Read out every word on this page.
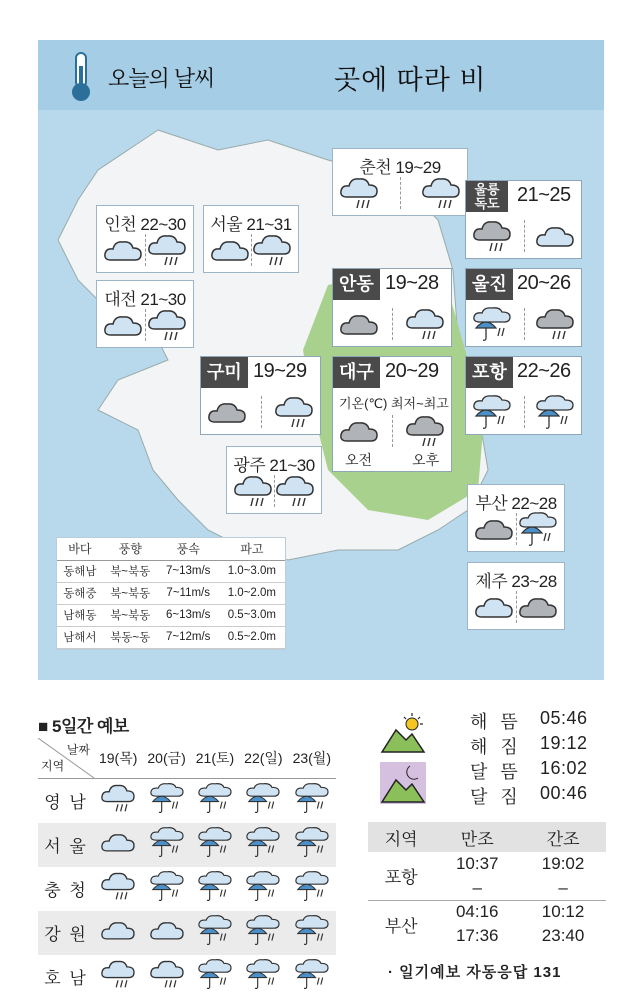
오늘의 날씨	곳에 따라 비
춘천 19~29
인천 22~30	서울 21~31
대전 21~30
광주 21~30
부산 22~28
제주 23~28
울릉 독도 21~25
안동 19~28	울진 20~26
구미 19~29	대구 20~29
기온(℃) 최저~최고
오전	오후
포항 22~26
바다	풍향	풍속	파고
동해남	북~북동	7~13m/s	1.0~3.0m
동해중	북~북동	7~11m/s	1.0~2.0m
남해동	북~북동	6~13m/s	0.5~3.0m
남해서	북동~동	7~12m/s	0.5~2.0m
■ 5일간 예보
날짜
지역	19(목)	20(금)	21(토)	22(일)	23(월)
영 남					
서 울					
충 청					
강 원					
호 남					
해 뜸 05:46
해 짐 19:12
달 뜸 16:02
달 짐 00:46
지역	만조	간조
포항	10:37	19:02
	–	–
부산	04:16	10:12
	17:36	23:40
· 일기예보 자동응답 131
